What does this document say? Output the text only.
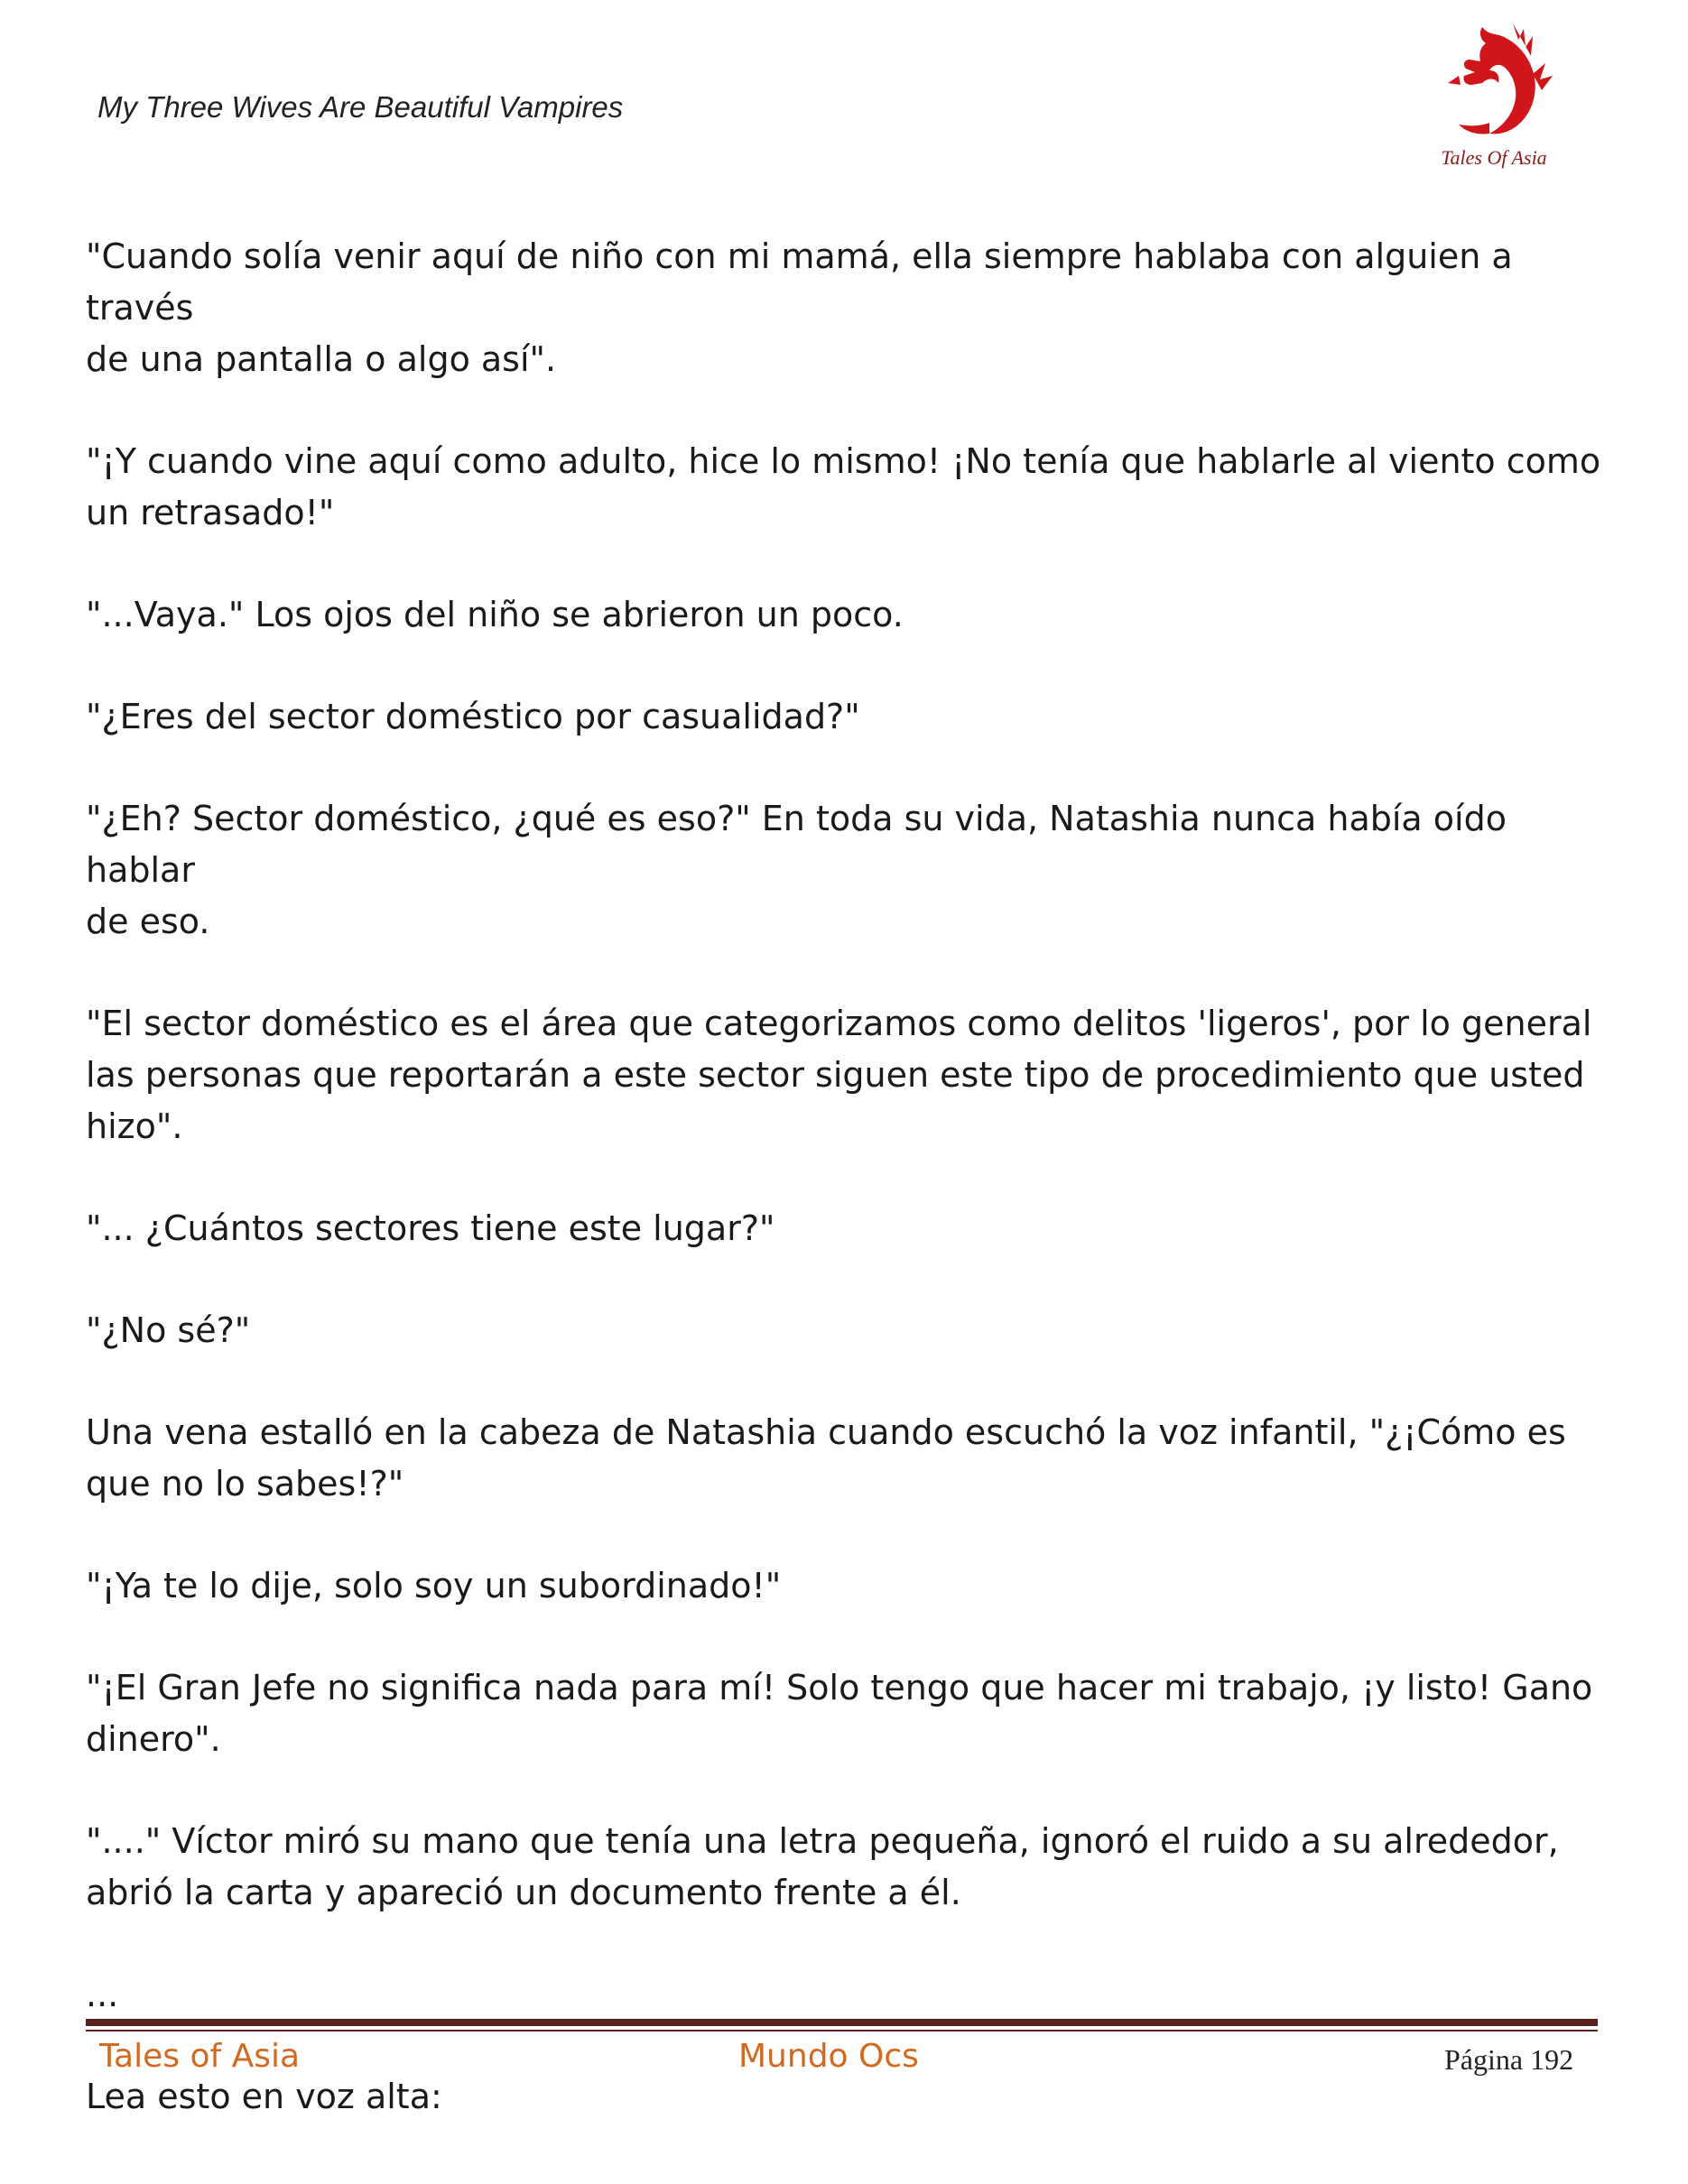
My Three Wives Are Beautiful Vampires
Tales Of Asia

"Cuando solía venir aquí de niño con mi mamá, ella siempre hablaba con alguien a través
de una pantalla o algo así".

"¡Y cuando vine aquí como adulto, hice lo mismo! ¡No tenía que hablarle al viento como
un retrasado!"

"...Vaya." Los ojos del niño se abrieron un poco.

"¿Eres del sector doméstico por casualidad?"

"¿Eh? Sector doméstico, ¿qué es eso?" En toda su vida, Natashia nunca había oído hablar
de eso.

"El sector doméstico es el área que categorizamos como delitos 'ligeros', por lo general
las personas que reportarán a este sector siguen este tipo de procedimiento que usted
hizo".

"... ¿Cuántos sectores tiene este lugar?"

"¿No sé?"

Una vena estalló en la cabeza de Natashia cuando escuchó la voz infantil, "¿¡Cómo es
que no lo sabes!?"

"¡Ya te lo dije, solo soy un subordinado!"

"¡El Gran Jefe no significa nada para mí! Solo tengo que hacer mi trabajo, ¡y listo! Gano
dinero".

"...." Víctor miró su mano que tenía una letra pequeña, ignoró el ruido a su alrededor,
abrió la carta y apareció un documento frente a él.

...

Lea esto en voz alta:

Tales of Asia	Mundo Ocs	Página 192
